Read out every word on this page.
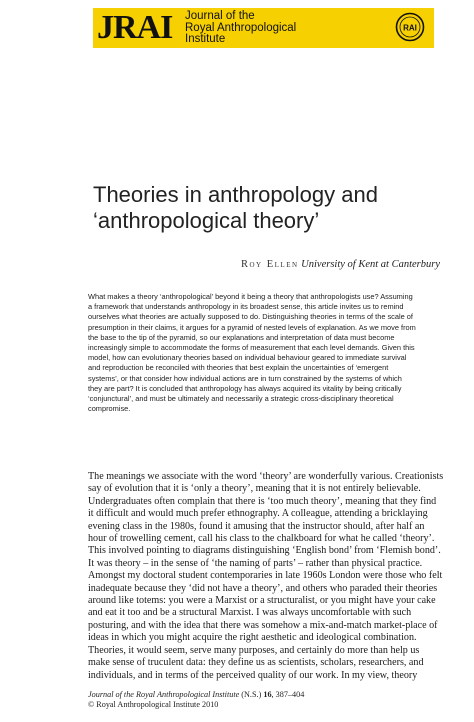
JRAI Journal of the
Royal Anthropological
Institute
RAI
Theories in anthropology and
‘anthropological theory’
Roy Ellen University of Kent at Canterbury
What makes a theory ‘anthropological’ beyond it being a theory that anthropologists use? Assuming
a framework that understands anthropology in its broadest sense, this article invites us to remind
ourselves what theories are actually supposed to do. Distinguishing theories in terms of the scale of
presumption in their claims, it argues for a pyramid of nested levels of explanation. As we move from
the base to the tip of the pyramid, so our explanations and interpretation of data must become
increasingly simple to accommodate the forms of measurement that each level demands. Given this
model, how can evolutionary theories based on individual behaviour geared to immediate survival
and reproduction be reconciled with theories that best explain the uncertainties of ‘emergent
systems’, or that consider how individual actions are in turn constrained by the systems of which
they are part? It is concluded that anthropology has always acquired its vitality by being critically
‘conjunctural’, and must be ultimately and necessarily a strategic cross-disciplinary theoretical
compromise.
The meanings we associate with the word ‘theory’ are wonderfully various. Creationists
say of evolution that it is ‘only a theory’, meaning that it is not entirely believable.
Undergraduates often complain that there is ‘too much theory’, meaning that they find
it difficult and would much prefer ethnography. A colleague, attending a bricklaying
evening class in the 1980s, found it amusing that the instructor should, after half an
hour of trowelling cement, call his class to the chalkboard for what he called ‘theory’.
This involved pointing to diagrams distinguishing ‘English bond’ from ‘Flemish bond’.
It was theory – in the sense of ‘the naming of parts’ – rather than physical practice.
Amongst my doctoral student contemporaries in late 1960s London were those who felt
inadequate because they ‘did not have a theory’, and others who paraded their theories
around like totems: you were a Marxist or a structuralist, or you might have your cake
and eat it too and be a structural Marxist. I was always uncomfortable with such
posturing, and with the idea that there was somehow a mix-and-match market-place of
ideas in which you might acquire the right aesthetic and ideological combination.
Theories, it would seem, serve many purposes, and certainly do more than help us
make sense of truculent data: they define us as scientists, scholars, researchers, and
individuals, and in terms of the perceived quality of our work. In my view, theory
Journal of the Royal Anthropological Institute (N.S.) 16, 387–404
© Royal Anthropological Institute 2010
